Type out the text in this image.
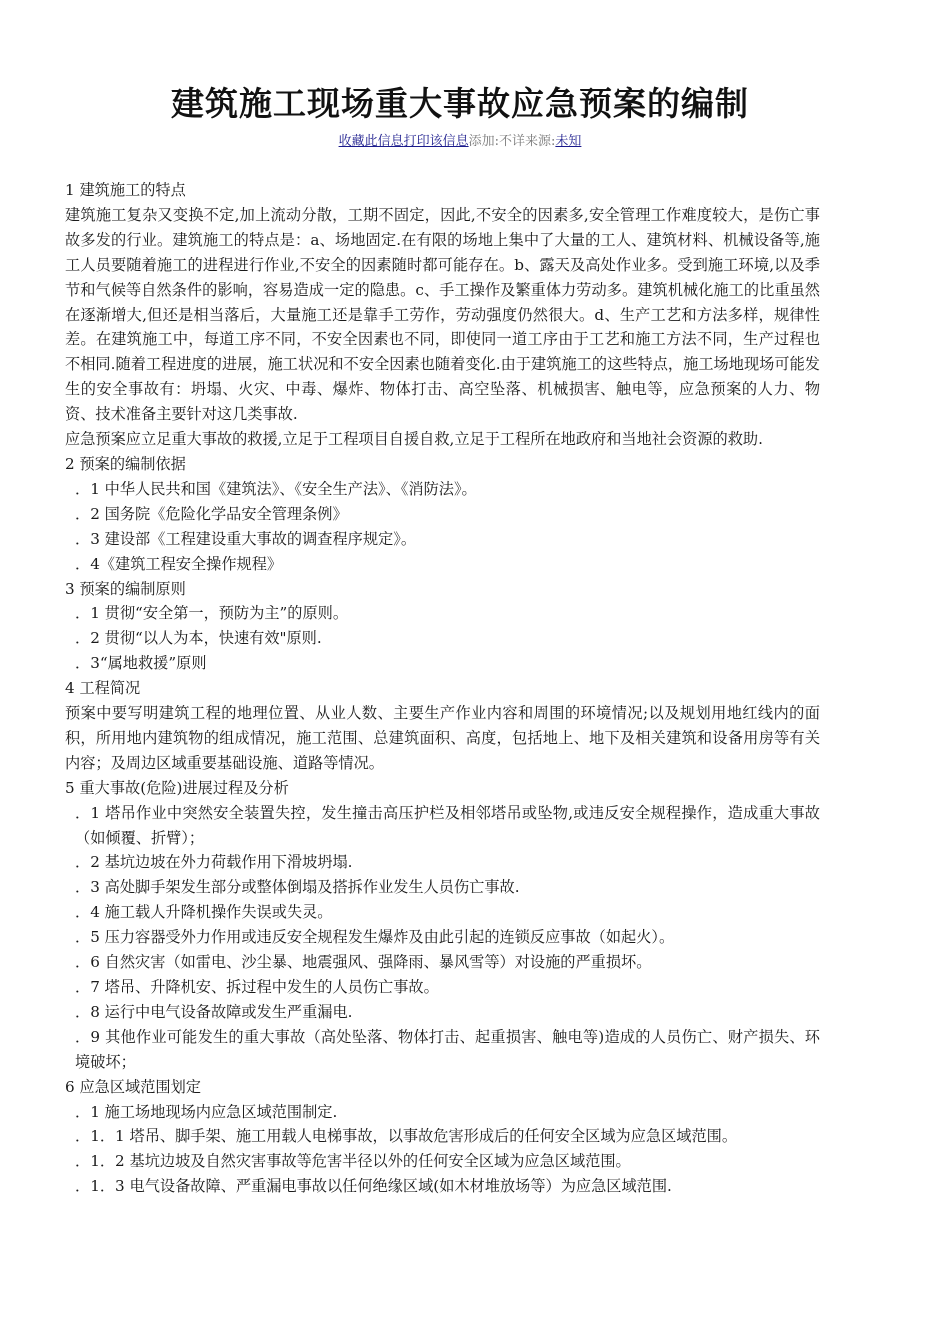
建筑施工现场重大事故应急预案的编制
收藏此信息打印该信息添加:不详来源:未知

1 建筑施工的特点

建筑施工复杂又变换不定,加上流动分散，工期不固定，因此,不安全的因素多,安全管理工作难度较大，是伤亡事故多发的行业。建筑施工的特点是：a、场地固定.在有限的场地上集中了大量的工人、建筑材料、机械设备等,施工人员要随着施工的进程进行作业,不安全的因素随时都可能存在。b、露天及高处作业多。受到施工环境,以及季节和气候等自然条件的影响，容易造成一定的隐患。c、手工操作及繁重体力劳动多。建筑机械化施工的比重虽然在逐渐增大,但还是相当落后，大量施工还是靠手工劳作，劳动强度仍然很大。d、生产工艺和方法多样，规律性差。在建筑施工中，每道工序不同，不安全因素也不同，即使同一道工序由于工艺和施工方法不同，生产过程也不相同.随着工程进度的进展，施工状况和不安全因素也随着变化.由于建筑施工的这些特点，施工场地现场可能发生的安全事故有：坍塌、火灾、中毒、爆炸、物体打击、高空坠落、机械损害、触电等，应急预案的人力、物资、技术准备主要针对这几类事故.

应急预案应立足重大事故的救援,立足于工程项目自援自救,立足于工程所在地政府和当地社会资源的救助.

2 预案的编制依据

．1 中华人民共和国《建筑法》、《安全生产法》、《消防法》。

．2 国务院《危险化学品安全管理条例》

．3 建设部《工程建设重大事故的调查程序规定》。

．4《建筑工程安全操作规程》

3 预案的编制原则

．1 贯彻“安全第一，预防为主”的原则。

．2 贯彻“以人为本，快速有效"原则.

．3“属地救援”原则

4 工程简况

预案中要写明建筑工程的地理位置、从业人数、主要生产作业内容和周围的环境情况;以及规划用地红线内的面积，所用地内建筑物的组成情况，施工范围、总建筑面积、高度，包括地上、地下及相关建筑和设备用房等有关内容；及周边区域重要基础设施、道路等情况。

5 重大事故(危险)进展过程及分析

．1 塔吊作业中突然安全装置失控，发生撞击高压护栏及相邻塔吊或坠物,或违反安全规程操作，造成重大事故（如倾覆、折臂）；

．2 基坑边坡在外力荷载作用下滑坡坍塌.

．3 高处脚手架发生部分或整体倒塌及搭拆作业发生人员伤亡事故.

．4 施工载人升降机操作失误或失灵。

．5 压力容器受外力作用或违反安全规程发生爆炸及由此引起的连锁反应事故（如起火）。

．6 自然灾害（如雷电、沙尘暴、地震强风、强降雨、暴风雪等）对设施的严重损坏。

．7 塔吊、升降机安、拆过程中发生的人员伤亡事故。

．8 运行中电气设备故障或发生严重漏电.

．9 其他作业可能发生的重大事故（高处坠落、物体打击、起重损害、触电等)造成的人员伤亡、财产损失、环境破坏；

6 应急区域范围划定

．1 施工场地现场内应急区域范围制定.

．1．1 塔吊、脚手架、施工用载人电梯事故，以事故危害形成后的任何安全区域为应急区域范围。

．1．2 基坑边坡及自然灾害事故等危害半径以外的任何安全区域为应急区域范围。

．1．3 电气设备故障、严重漏电事故以任何绝缘区域(如木材堆放场等）为应急区域范围.
